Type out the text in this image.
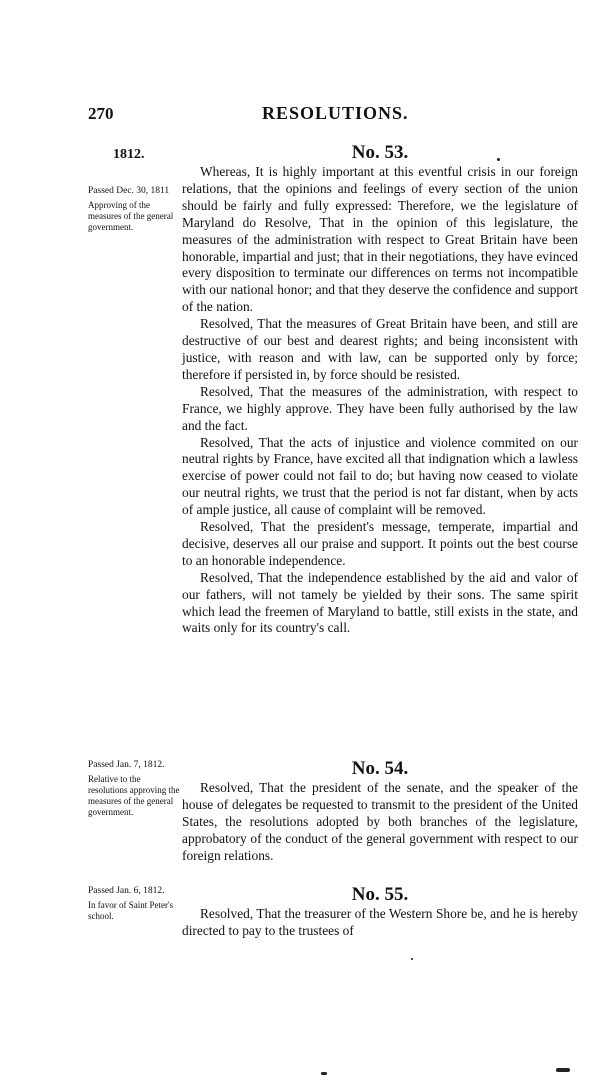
270	RESOLUTIONS.
1812.
Passed Dec. 30, 1811
Approving of the measures of the general government.
Passed Jan. 7, 1812.
Relative to the resolutions approving the measures of the general government.
Passed Jan. 6, 1812.
In favor of Saint Peter's school.
No. 53.

Whereas, It is highly important at this eventful crisis in our foreign relations, that the opinions and feelings of every section of the union should be fairly and fully expressed: Therefore, we the legislature of Maryland do Resolve, That in the opinion of this legislature, the measures of the administration with respect to Great Britain have been honorable, impartial and just; that in their negotiations, they have evinced every disposition to terminate our differences on terms not incompatible with our national honor; and that they deserve the confidence and support of the nation.

Resolved, That the measures of Great Britain have been, and still are destructive of our best and dearest rights; and being inconsistent with justice, with reason and with law, can be supported only by force; therefore if persisted in, by force should be resisted.

Resolved, That the measures of the administration, with respect to France, we highly approve. They have been fully authorised by the law and the fact.

Resolved, That the acts of injustice and violence commited on our neutral rights by France, have excited all that indignation which a lawless exercise of power could not fail to do; but having now ceased to violate our neutral rights, we trust that the period is not far distant, when by acts of ample justice, all cause of complaint will be removed.

Resolved, That the president's message, temperate, impartial and decisive, deserves all our praise and support. It points out the best course to an honorable independence.

Resolved, That the independence established by the aid and valor of our fathers, will not tamely be yielded by their sons. The same spirit which lead the freemen of Maryland to battle, still exists in the state, and waits only for its country's call.

No. 54.

Resolved, That the president of the senate, and the speaker of the house of delegates be requested to transmit to the president of the United States, the resolutions adopted by both branches of the legislature, approbatory of the conduct of the general government with respect to our foreign relations.

No. 55.

Resolved, That the treasurer of the Western Shore be, and he is hereby directed to pay to the trustees of
